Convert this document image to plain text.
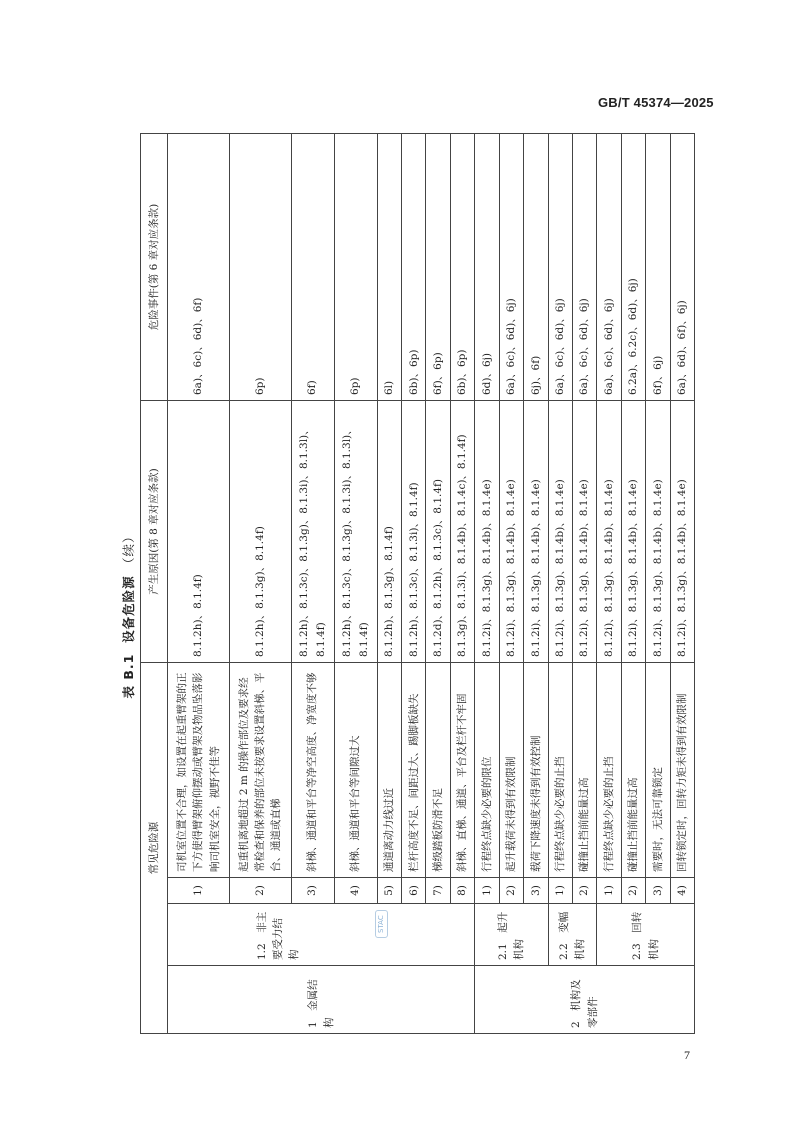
GB/T 45374—2025
表 B.1  设备危险源 （续）
常见危险源				产生原因(第 8 章对应条款)	危险事件(第 6 章对应条款)
1　金属结构	1.2　非主要受力结构
STAC	1)	司机室位置不合理，如设置在起重臂架的正下方使得臂架俯仰摆动或臂架及物品坠落影响司机室安全，视野不佳等	8.1.2h)、8.1.4f)	6a)、6c)、6d)、6f)
		2)	起重机离地超过 2 m 的操作部位及要求经常检查和保养的部位未按要求设置斜梯、平台、通道或直梯	8.1.2h)、8.1.3g)、8.1.4f)	6p)
		3)	斜梯、通道和平台等净空高度、净宽度不够	8.1.2h)、8.1.3c)、8.1.3g)、8.1.3i)、8.1.3l)、8.1.4f)	6f)
		4)	斜梯、通道和平台等间隙过大	8.1.2h)、8.1.3c)、8.1.3g)、8.1.3i)、8.1.3l)、8.1.4f)	6p)
		5)	通道离动力线过近	8.1.2h)、8.1.3g)、8.1.4f)	6l)
		6)	栏杆高度不足、间距过大、踢脚板缺失	8.1.2h)、8.1.3c)、8.1.3i)、8.1.4f)	6b)、6p)
		7)	梯级踏板防滑不足	8.1.2d)、8.1.2h)、8.1.3c)、8.1.4f)	6f)、6p)
		8)	斜梯、直梯、通道、平台及栏杆不牢固	8.1.3g)、8.1.3i)、8.1.4b)、8.1.4c)、8.1.4f)	6b)、6p)
2　机构及零部件	2.1　起升机构	1)	行程终点缺少必要的限位	8.1.2i)、8.1.3g)、8.1.4b)、8.1.4e)	6d)、6j)
		2)	起升载荷未得到有效限制	8.1.2i)、8.1.3g)、8.1.4b)、8.1.4e)	6a)、6c)、6d)、6j)
		3)	载荷下降速度未得到有效控制	8.1.2i)、8.1.3g)、8.1.4b)、8.1.4e)	6j)、6f)
	2.2　变幅机构	1)	行程终点缺少必要的止挡	8.1.2i)、8.1.3g)、8.1.4b)、8.1.4e)	6a)、6c)、6d)、6j)
		2)	碰撞止挡前能量过高	8.1.2i)、8.1.3g)、8.1.4b)、8.1.4e)	6a)、6c)、6d)、6j)
	2.3　回转机构	1)	行程终点缺少必要的止挡	8.1.2i)、8.1.3g)、8.1.4b)、8.1.4e)	6a)、6c)、6d)、6j)
		2)	碰撞止挡前能量过高	8.1.2i)、8.1.3g)、8.1.4b)、8.1.4e)	6.2a)、6.2c)、6d)、6j)
		3)	需要时，无法可靠锁定	8.1.2i)、8.1.3g)、8.1.4b)、8.1.4e)	6f)、6j)
		4)	回转锁定时，回转力矩未得到有效限制	8.1.2i)、8.1.3g)、8.1.4b)、8.1.4e)	6a)、6d)、6f)、6j)
7
